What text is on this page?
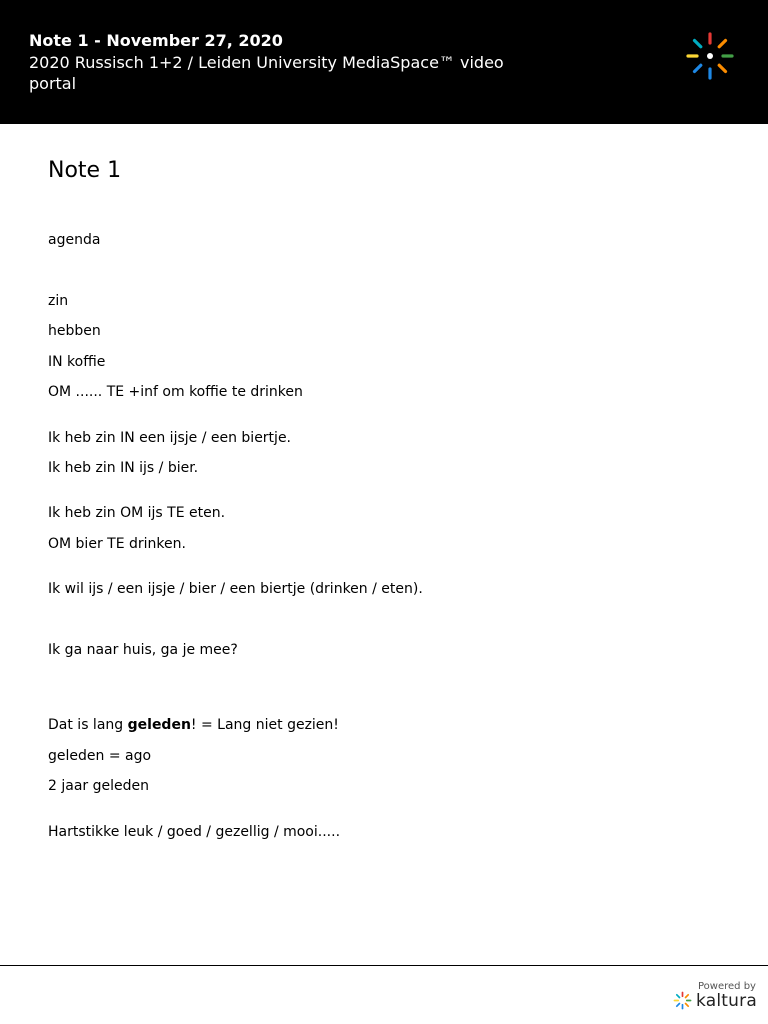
Note 1 - November 27, 2020
2020 Russisch 1+2 / Leiden University MediaSpace™ video portal
Note 1
agenda
zin
hebben
IN koffie
OM ...... TE +inf om koffie te drinken
Ik heb zin IN een ijsje / een biertje.
Ik heb zin IN ijs / bier.
Ik heb zin OM ijs TE eten.
OM bier TE drinken.
Ik wil ijs / een ijsje / bier / een biertje (drinken / eten).
Ik ga naar huis, ga je mee?
Dat is lang geleden! = Lang niet gezien!
geleden = ago
2 jaar geleden
Hartstikke leuk / goed / gezellig / mooi.....
Powered by
kaltura
